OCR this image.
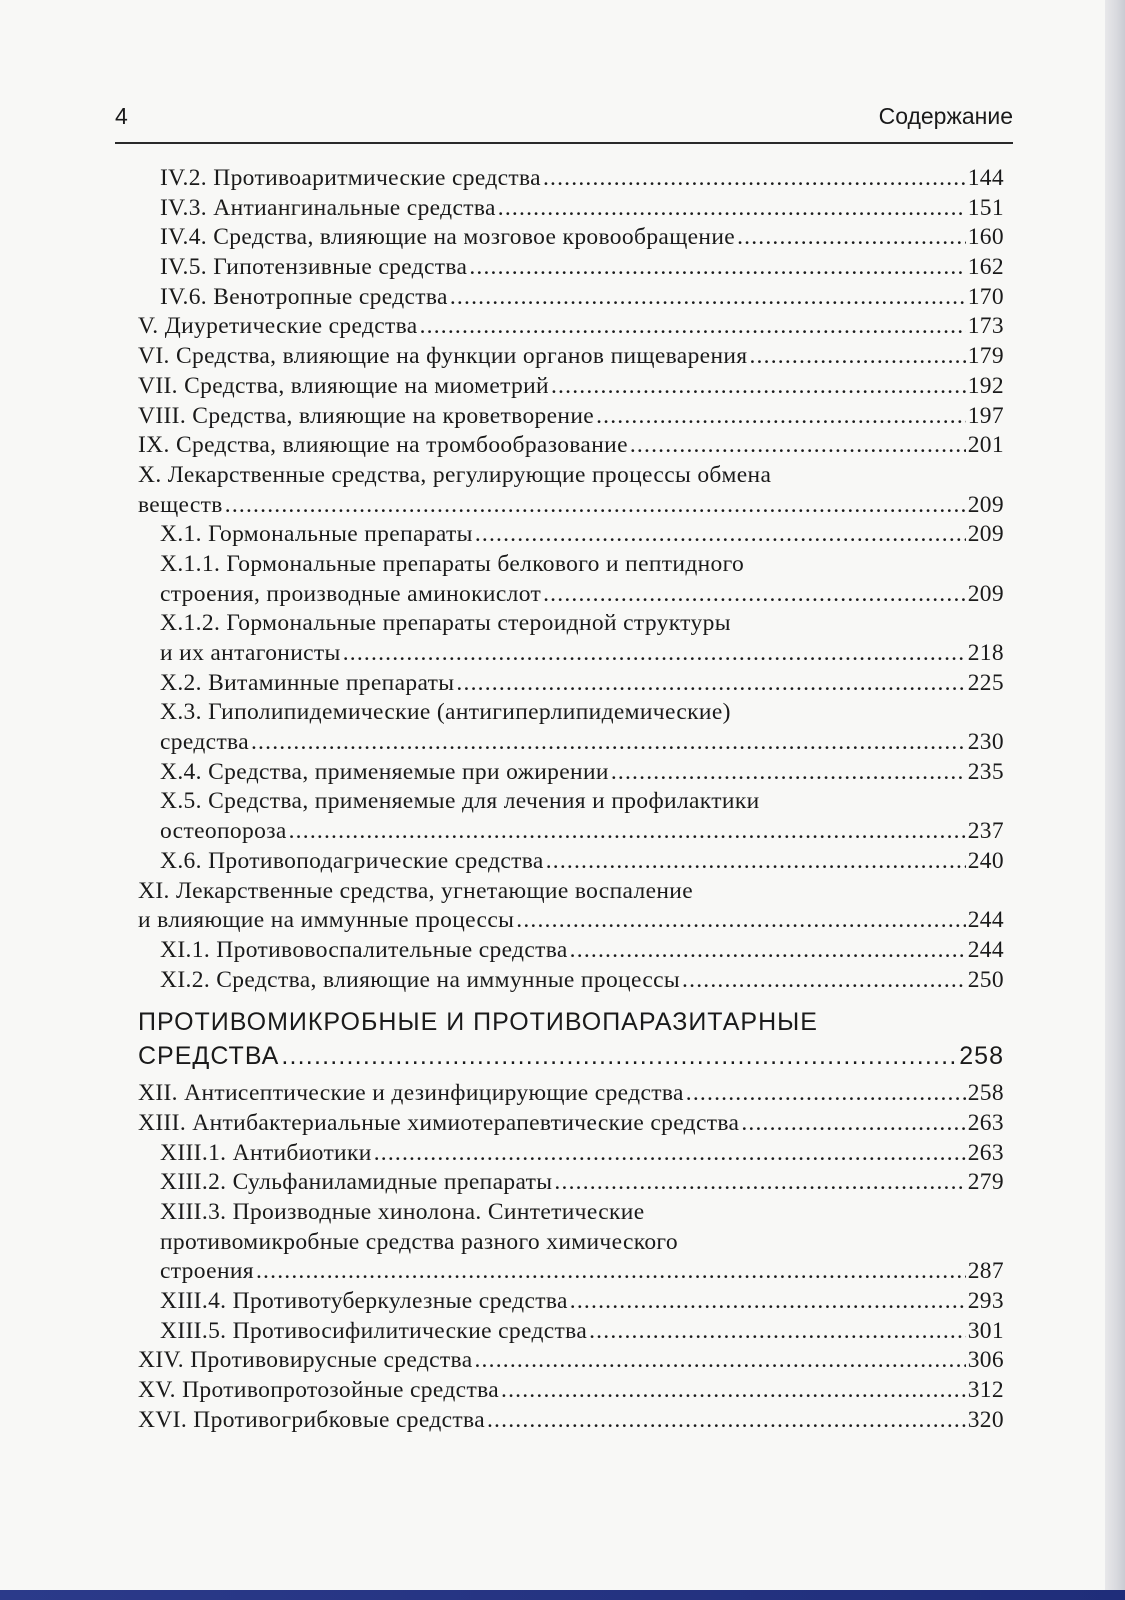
4	Содержание
IV.2. Противоаритмические средства .....	144
IV.3. Антиангинальные средства .....	151
IV.4. Средства, влияющие на мозговое кровообращение .....	160
IV.5. Гипотензивные средства .....	162
IV.6. Венотропные средства .....	170
V. Диуретические средства .....	173
VI. Средства, влияющие на функции органов пищеварения .....	179
VII. Средства, влияющие на миометрий .....	192
VIII. Средства, влияющие на кроветворение .....	197
IX. Средства, влияющие на тромбообразование .....	201
X. Лекарственные средства, регулирующие процессы обмена
веществ .....	209
X.1. Гормональные препараты .....	209
X.1.1. Гормональные препараты белкового и пептидного
строения, производные аминокислот .....	209
X.1.2. Гормональные препараты стероидной структуры
и их антагонисты .....	218
X.2. Витаминные препараты .....	225
X.3. Гиполипидемические (антигиперлипидемические)
средства .....	230
X.4. Средства, применяемые при ожирении .....	235
X.5. Средства, применяемые для лечения и профилактики
остеопороза .....	237
X.6. Противоподагрические средства .....	240
XI. Лекарственные средства, угнетающие воспаление
и влияющие на иммунные процессы .....	244
XI.1. Противовоспалительные средства .....	244
XI.2. Средства, влияющие на иммунные процессы .....	250
ПРОТИВОМИКРОБНЫЕ И ПРОТИВОПАРАЗИТАРНЫЕ
СРЕДСТВА .....	258
XII. Антисептические и дезинфицирующие средства .....	258
XIII. Антибактериальные химиотерапевтические средства .....	263
XIII.1. Антибиотики .....	263
XIII.2. Сульфаниламидные препараты .....	279
XIII.3. Производные хинолона. Синтетические
противомикробные средства разного химического
строения .....	287
XIII.4. Противотуберкулезные средства .....	293
XIII.5. Противосифилитические средства .....	301
XIV. Противовирусные средства .....	306
XV. Противопротозойные средства .....	312
XVI. Противогрибковые средства .....	320
